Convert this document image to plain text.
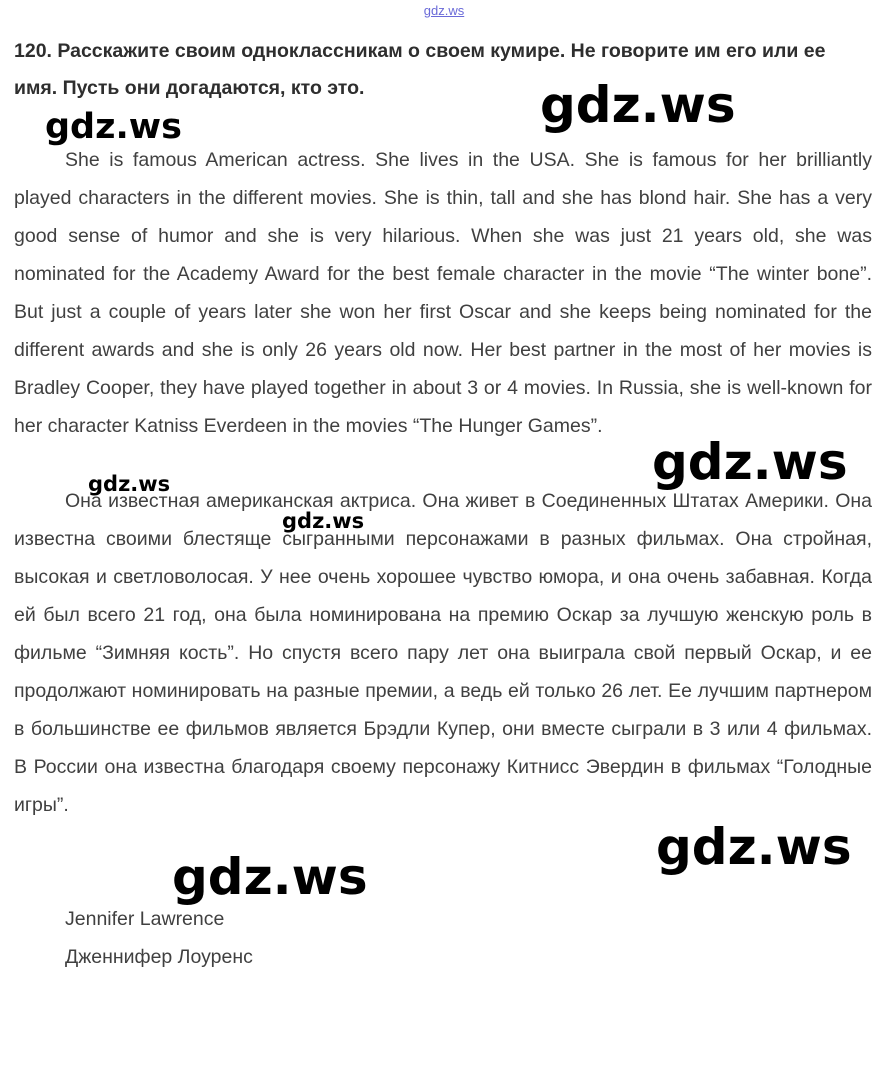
gdz.ws
120. Расскажите своим одноклассникам о своем кумире. Не говорите им его или ее имя. Пусть они догадаются, кто это.

She is famous American actress. She lives in the USA. She is famous for her brilliantly played characters in the different movies. She is thin, tall and she has blond hair. She has a very good sense of humor and she is very hilarious. When she was just 21 years old, she was nominated for the Academy Award for the best female character in the movie “The winter bone”. But just a couple of years later she won her first Oscar and she keeps being nominated for the different awards and she is only 26 years old now. Her best partner in the most of her movies is Bradley Cooper, they have played together in about 3 or 4 movies. In Russia, she is well-known for her character Katniss Everdeen in the movies “The Hunger Games”.

Она известная американская актриса. Она живет в Соединенных Штатах Америки. Она известна своими блестяще сыгранными персонажами в разных фильмах. Она стройная, высокая и светловолосая. У нее очень хорошее чувство юмора, и она очень забавная. Когда ей был всего 21 год, она была номинирована на премию Оскар за лучшую женскую роль в фильме “Зимняя кость”. Но спустя всего пару лет она выиграла свой первый Оскар, и ее продолжают номинировать на разные премии, а ведь ей только 26 лет. Ее лучшим партнером в большинстве ее фильмов является Брэдли Купер, они вместе сыграли в 3 или 4 фильмах. В России она известна благодаря своему персонажу Китнисс Эвердин в фильмах “Голодные игры”.

Jennifer Lawrence
Дженнифер Лоуренс
gdz.ws	gdz.ws
gdz.ws
gdz.ws
gdz.ws
gdz.ws
gdz.ws
